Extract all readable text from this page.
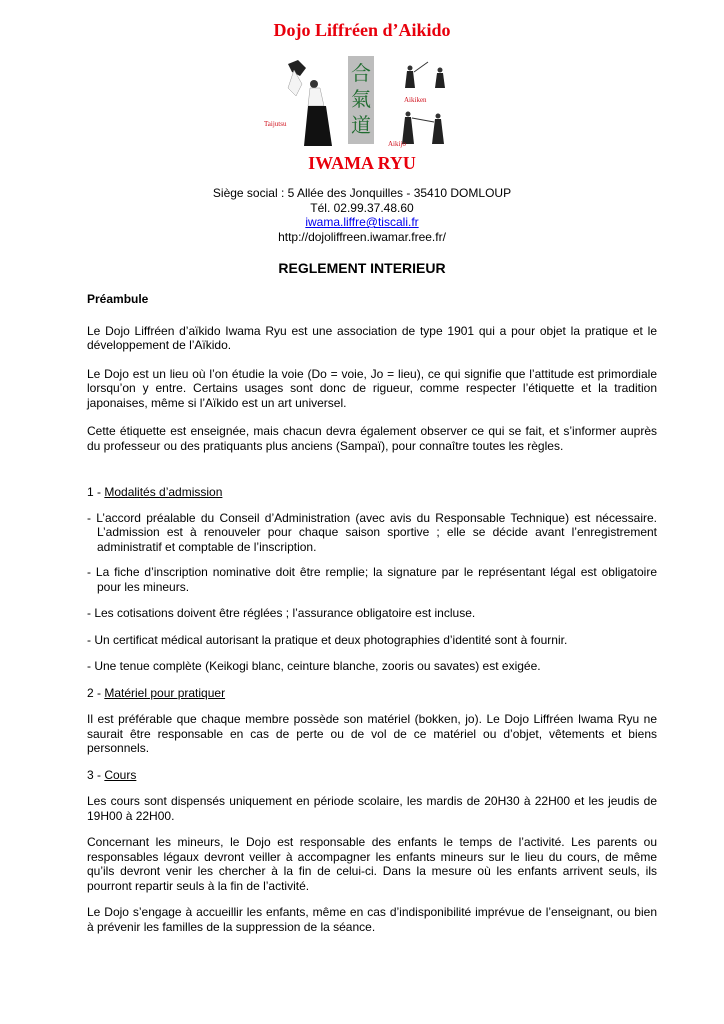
Dojo Liffréen d’Aikido
合
氣
道
Taijutsu
Aikiken
Aikijo
IWAMA RYU
Siège social : 5 Allée des Jonquilles - 35410 DOMLOUP
Tél. 02.99.37.48.60
iwama.liffre@tiscali.fr
http://dojoliffreen.iwamar.free.fr/
REGLEMENT INTERIEUR

Préambule

Le Dojo Liffréen d’aïkido Iwama Ryu est une association de type 1901 qui a pour objet la pratique et le développement de l’Aïkido.

Le Dojo est un lieu où l’on étudie la voie (Do = voie, Jo = lieu), ce qui signifie que l’attitude est primordiale lorsqu’on y entre. Certains usages sont donc de rigueur, comme respecter l’étiquette et la tradition japonaises, même si l’Aïkido est un art universel.

Cette étiquette est enseignée, mais chacun devra également observer ce qui se fait, et s’informer auprès du professeur ou des pratiquants plus anciens (Sampaï), pour connaître toutes les règles.

1 - Modalités d’admission

- L’accord préalable du Conseil d’Administration (avec avis du Responsable Technique) est nécessaire. L’admission est à renouveler pour chaque saison sportive ; elle se décide avant l’enregistrement administratif et comptable de l’inscription.

- La fiche d’inscription nominative doit être remplie; la signature par le représentant légal est obligatoire pour les mineurs.

- Les cotisations doivent être réglées ; l’assurance obligatoire est incluse.

- Un certificat médical autorisant la pratique et deux photographies d’identité sont à fournir.

- Une tenue complète (Keikogi blanc, ceinture blanche, zooris ou savates) est exigée.

2 - Matériel pour pratiquer

Il est préférable que chaque membre possède son matériel (bokken, jo). Le Dojo Liffréen Iwama Ryu ne saurait être responsable en cas de perte ou de vol de ce matériel ou d’objet, vêtements et biens personnels.

3 - Cours

Les cours sont dispensés uniquement en période scolaire, les mardis de 20H30 à 22H00 et les jeudis de 19H00 à 22H00.

Concernant les mineurs, le Dojo est responsable des enfants le temps de l’activité. Les parents ou responsables légaux devront veiller à accompagner les enfants mineurs sur le lieu du cours, de même qu’ils devront venir les chercher à la fin de celui-ci. Dans la mesure où les enfants arrivent seuls, ils pourront repartir seuls à la fin de l’activité.

Le Dojo s’engage à accueillir les enfants, même en cas d’indisponibilité imprévue de l’enseignant, ou bien à prévenir les familles de la suppression de la séance.
